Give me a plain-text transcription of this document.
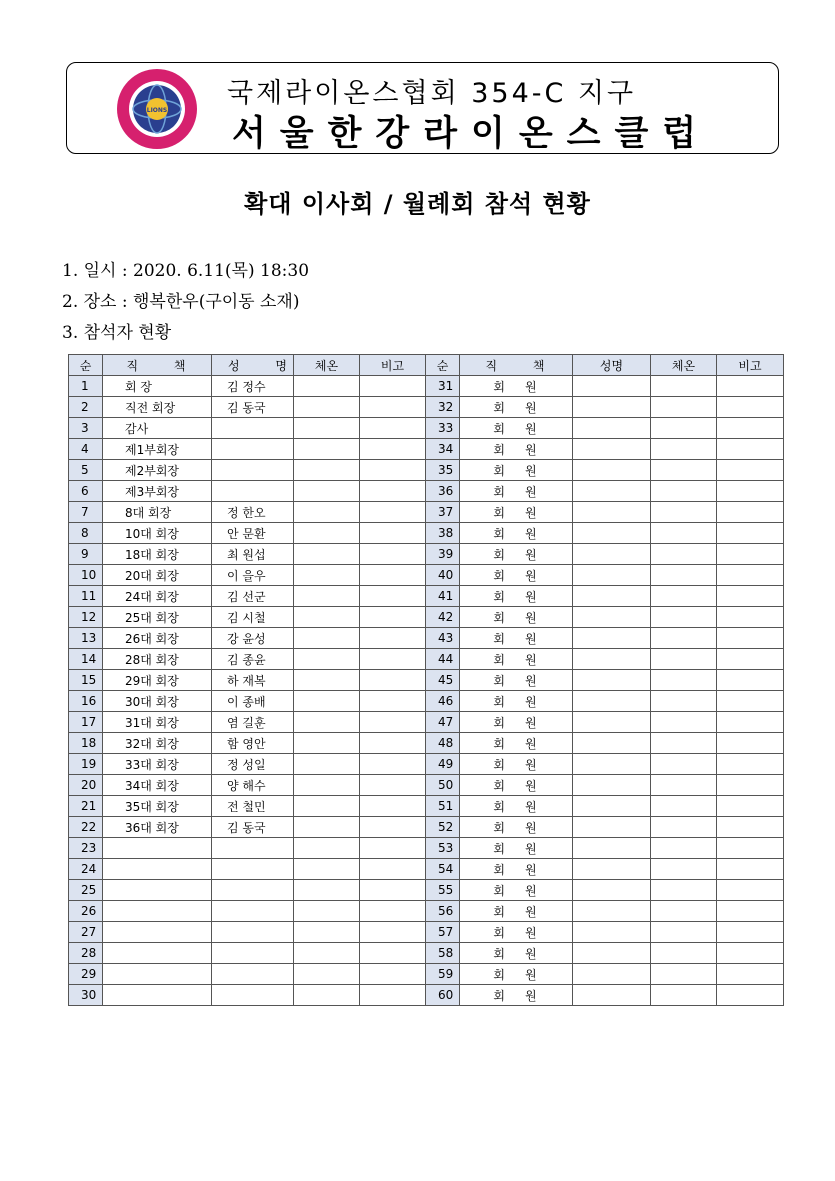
LIONS
국제라이온스협회 354-C 지구
서울한강라이온스클럽
확대 이사회 / 월례회 참석 현황
1. 일시 : 2020. 6.11(목) 18:30
2. 장소 : 행복한우(구이동 소재)
3. 참석자 현황
순	직 책	성 명	체온	비고	순	직 책	성명	체온	비고
1	회 장	김 정수			31	회원			
2	직전 회장	김 동국			32	회원			
3	감사				33	회원			
4	제1부회장				34	회원			
5	제2부회장				35	회원			
6	제3부회장				36	회원			
7	8대 회장	정 한오			37	회원			
8	10대 회장	안 문환			38	회원			
9	18대 회장	최 원섭			39	회원			
10	20대 회장	이 을우			40	회원			
11	24대 회장	김 선군			41	회원			
12	25대 회장	김 시철			42	회원			
13	26대 회장	강 윤성			43	회원			
14	28대 회장	김 종윤			44	회원			
15	29대 회장	하 재복			45	회원			
16	30대 회장	이 종배			46	회원			
17	31대 회장	염 길훈			47	회원			
18	32대 회장	함 영안			48	회원			
19	33대 회장	정 성일			49	회원			
20	34대 회장	양 해수			50	회원			
21	35대 회장	전 철민			51	회원			
22	36대 회장	김 동국			52	회원			
23					53	회원			
24					54	회원			
25					55	회원			
26					56	회원			
27					57	회원			
28					58	회원			
29					59	회원			
30					60	회원			
